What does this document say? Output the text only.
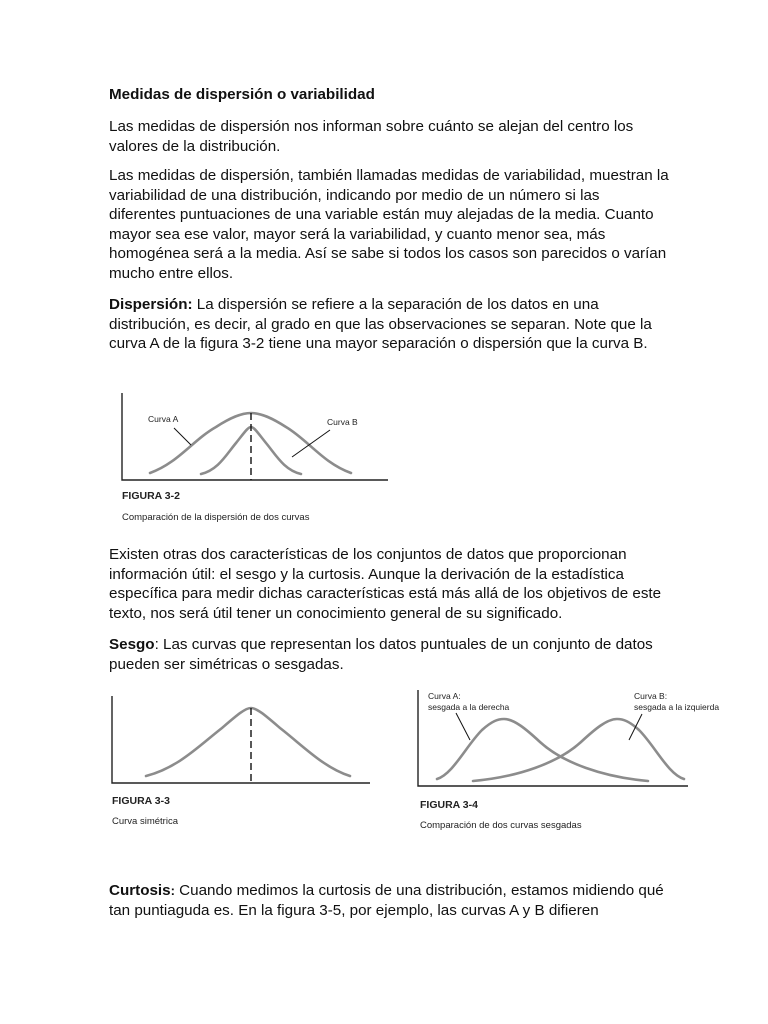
Medidas de dispersión o variabilidad

Las medidas de dispersión nos informan sobre cuánto se alejan del centro los valores de la distribución.

Las medidas de dispersión, también llamadas medidas de variabilidad, muestran la variabilidad de una distribución, indicando por medio de un número si las diferentes puntuaciones de una variable están muy alejadas de la media. Cuanto mayor sea ese valor, mayor será la variabilidad, y cuanto menor sea, más homogénea será a la media. Así se sabe si todos los casos son parecidos o varían mucho entre ellos.

Dispersión: La dispersión se refiere a la separación de los datos en una distribución, es decir, al grado en que las observaciones se separan. Note que la curva A de la figura 3-2 tiene una mayor separación o dispersión que la curva B.

Curva A	Curva B
FIGURA 3-2
Comparación de la dispersión de dos curvas

Existen otras dos características de los conjuntos de datos que proporcionan información útil: el sesgo y la curtosis. Aunque la derivación de la estadística específica para medir dichas características está más allá de los objetivos de este texto, nos será útil tener un conocimiento general de su significado.

Sesgo: Las curvas que representan los datos puntuales de un conjunto de datos pueden ser simétricas o sesgadas.

FIGURA 3-3
Curva simétrica
Curva A:
sesgada a la derecha
Curva B:
sesgada a la izquierda
FIGURA 3-4
Comparación de dos curvas sesgadas

Curtosis: Cuando medimos la curtosis de una distribución, estamos midiendo qué tan puntiaguda es. En la figura 3-5, por ejemplo, las curvas A y B difieren
